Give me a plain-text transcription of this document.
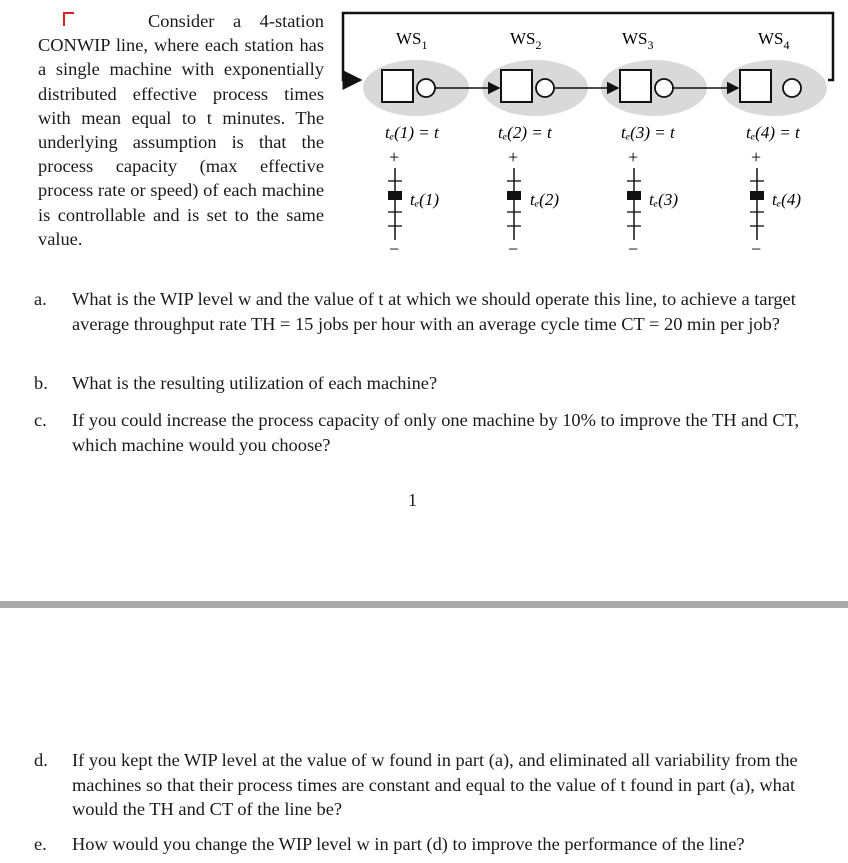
Consider a 4-station CONWIP line, where each station has a single machine with exponentially distributed effective process times with mean equal to t minutes. The underlying assumption is that the process capacity (max effective process rate or speed) of each machine is controllable and is set to the same value.
$WS_1$
tₑ(1) = t
+
−
tₑ(1)
$WS_2$
tₑ(2) = t
+
−
tₑ(2)
$WS_3$
tₑ(3) = t
+
−
tₑ(3)
$WS_4$
tₑ(4) = t
+
−
tₑ(4)
a. What is the WIP level w and the value of t at which we should operate this line, to achieve a target average throughput rate TH = 15 jobs per hour with an average cycle time CT = 20 min per job?
b. What is the resulting utilization of each machine?
c. If you could increase the process capacity of only one machine by 10% to improve the TH and CT, which machine would you choose?
1
d. If you kept the WIP level at the value of w found in part (a), and eliminated all variability from the machines so that their process times are constant and equal to the value of t found in part (a), what would the TH and CT of the line be?
e. How would you change the WIP level w in part (d) to improve the performance of the line?
